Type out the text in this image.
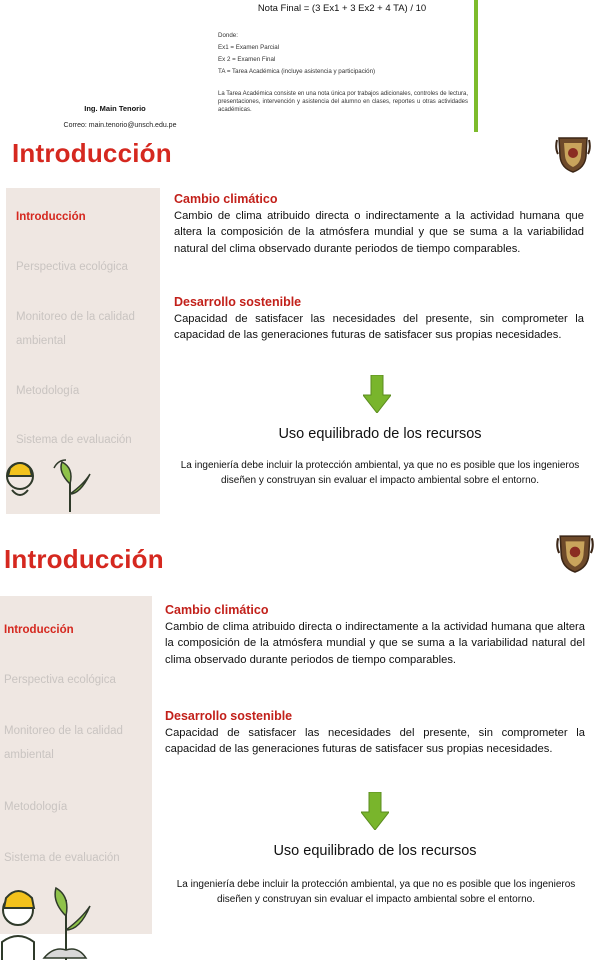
Nota Final = (3 Ex1 + 3 Ex2 + 4 TA) / 10
Donde:
Ex1 = Examen Parcial
Ex 2 = Examen Final
TA = Tarea Académica (incluye asistencia y participación)
La Tarea Académica consiste en una nota única por trabajos adicionales, controles de lectura, presentaciones, intervención y asistencia del alumno en clases, reportes u otras actividades académicas.
Ing. Main Tenorio
Correo: main.tenorio@unsch.edu.pe
Introducción
Introducción
Perspectiva ecológica
Monitoreo de la calidad ambiental
Metodología
Sistema de evaluación
Cambio climático
Cambio de clima atribuido directa o indirectamente a la actividad humana que altera la composición de la atmósfera mundial y que se suma a la variabilidad natural del clima observado durante periodos de tiempo comparables.
Desarrollo sostenible
Capacidad de satisfacer las necesidades del presente, sin comprometer la capacidad de las generaciones futuras de satisfacer sus propias necesidades.
Uso equilibrado de los recursos
La ingeniería debe incluir la protección ambiental, ya que no es posible que los ingenieros diseñen y construyan sin evaluar el impacto ambiental sobre el entorno.
Introducción
Introducción
Perspectiva ecológica
Monitoreo de la calidad ambiental
Metodología
Sistema de evaluación
Cambio climático
Cambio de clima atribuido directa o indirectamente a la actividad humana que altera la composición de la atmósfera mundial y que se suma a la variabilidad natural del clima observado durante periodos de tiempo comparables.
Desarrollo sostenible
Capacidad de satisfacer las necesidades del presente, sin comprometer la capacidad de las generaciones futuras de satisfacer sus propias necesidades.
Uso equilibrado de los recursos
La ingeniería debe incluir la protección ambiental, ya que no es posible que los ingenieros diseñen y construyan sin evaluar el impacto ambiental sobre el entorno.
